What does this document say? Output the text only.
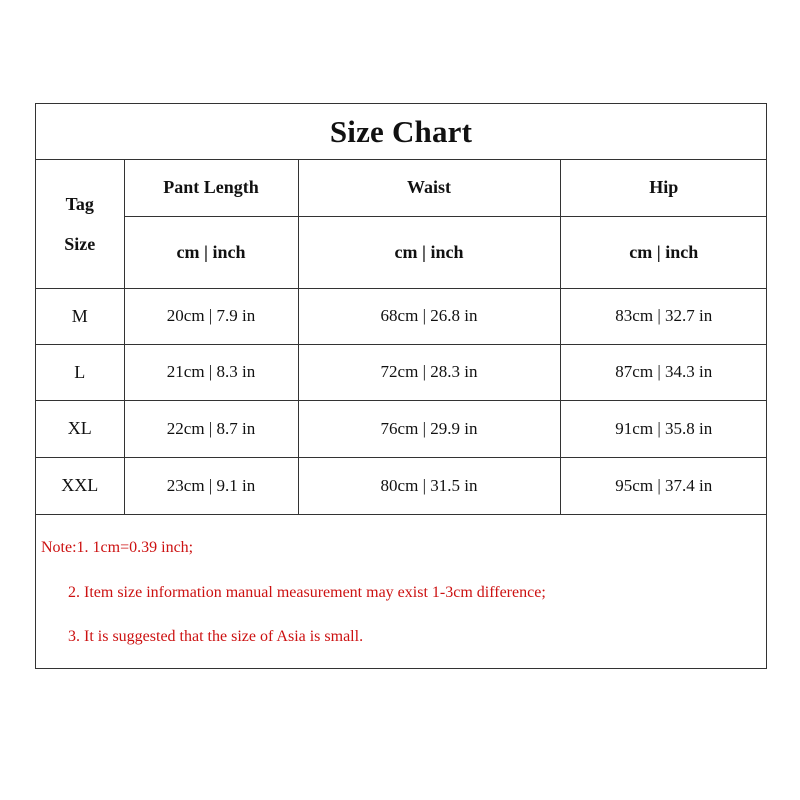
Size Chart
Tag
Size	Pant Length	Waist	Hip
	cm | inch	cm | inch	cm | inch
M	20cm | 7.9 in	68cm | 26.8 in	83cm | 32.7 in
L	21cm | 8.3 in	72cm | 28.3 in	87cm | 34.3 in
XL	22cm | 8.7 in	76cm | 29.9 in	91cm | 35.8 in
XXL	23cm | 9.1 in	80cm | 31.5 in	95cm | 37.4 in
Note:1. 1cm=0.39 inch;
2. Item size information manual measurement may exist 1-3cm difference;
3. It is suggested that the size of Asia is small.
